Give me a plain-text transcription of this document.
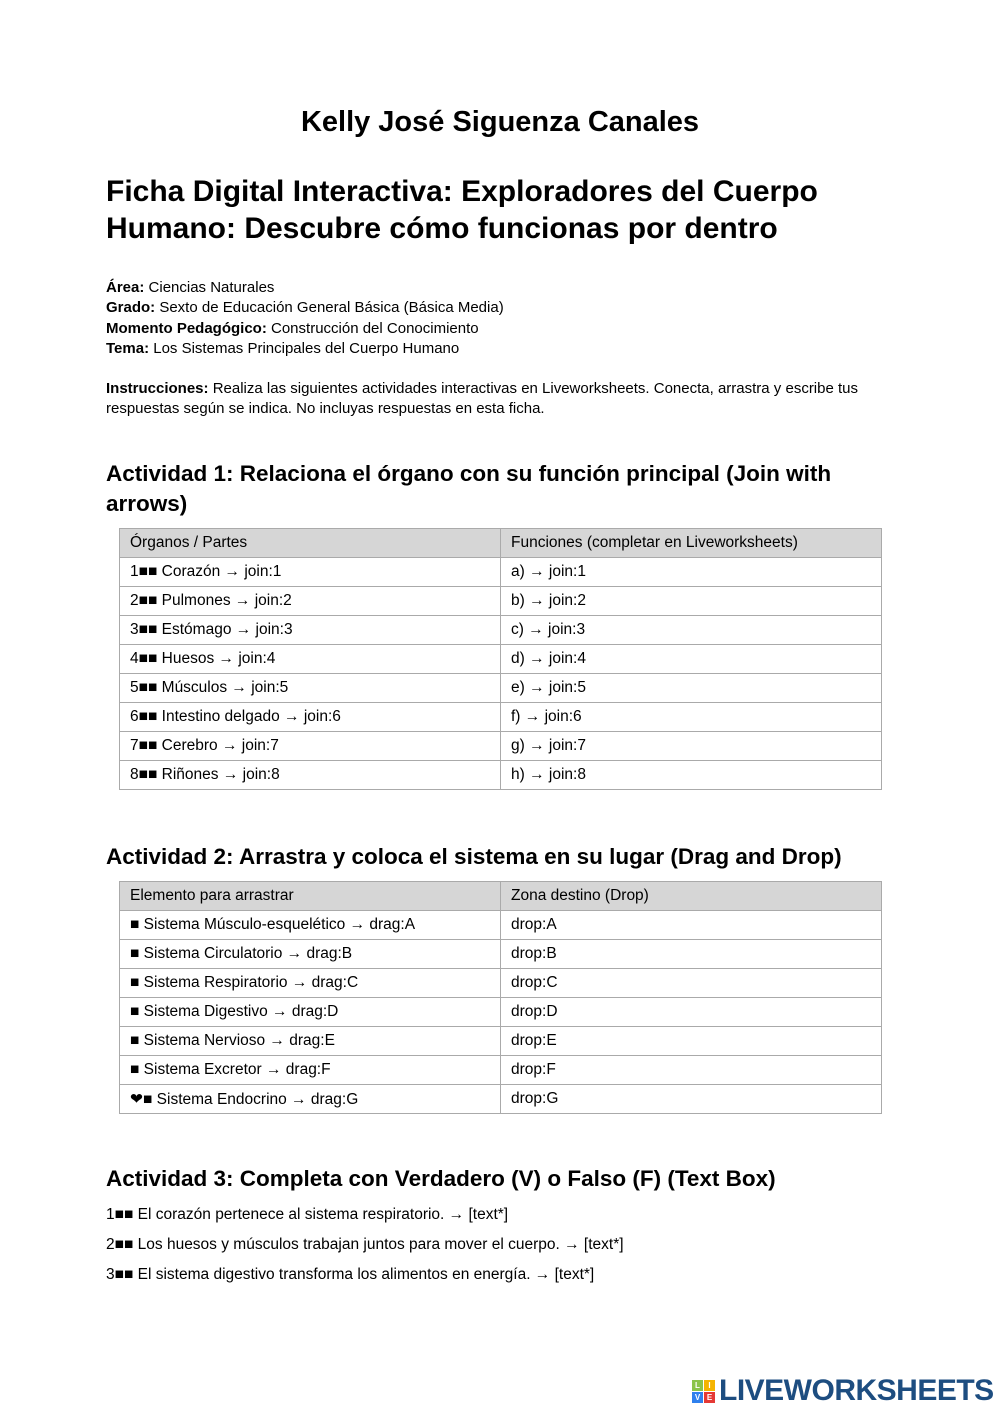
Kelly José Siguenza Canales
Ficha Digital Interactiva: Exploradores del Cuerpo Humano: Descubre cómo funcionas por dentro
Área: Ciencias Naturales
Grado: Sexto de Educación General Básica (Básica Media)
Momento Pedagógico: Construcción del Conocimiento
Tema: Los Sistemas Principales del Cuerpo Humano
Instrucciones: Realiza las siguientes actividades interactivas en Liveworksheets. Conecta, arrastra y escribe tus respuestas según se indica. No incluyas respuestas en esta ficha.
Actividad 1: Relaciona el órgano con su función principal (Join with arrows)
Órganos / Partes	Funciones (completar en Liveworksheets)
1■■ Corazón → join:1	a) → join:1
2■■ Pulmones → join:2	b) → join:2
3■■ Estómago → join:3	c) → join:3
4■■ Huesos → join:4	d) → join:4
5■■ Músculos → join:5	e) → join:5
6■■ Intestino delgado → join:6	f) → join:6
7■■ Cerebro → join:7	g) → join:7
8■■ Riñones → join:8	h) → join:8
Actividad 2: Arrastra y coloca el sistema en su lugar (Drag and Drop)
Elemento para arrastrar	Zona destino (Drop)
■ Sistema Músculo-esquelético → drag:A	drop:A
■ Sistema Circulatorio → drag:B	drop:B
■ Sistema Respiratorio → drag:C	drop:C
■ Sistema Digestivo → drag:D	drop:D
■ Sistema Nervioso → drag:E	drop:E
■ Sistema Excretor → drag:F	drop:F
❤■ Sistema Endocrino → drag:G	drop:G
Actividad 3: Completa con Verdadero (V) o Falso (F) (Text Box)
1■■ El corazón pertenece al sistema respiratorio. → [text*]
2■■ Los huesos y músculos trabajan juntos para mover el cuerpo. → [text*]
3■■ El sistema digestivo transforma los alimentos en energía. → [text*]
L	I
V E LIVEWORKSHEETS
